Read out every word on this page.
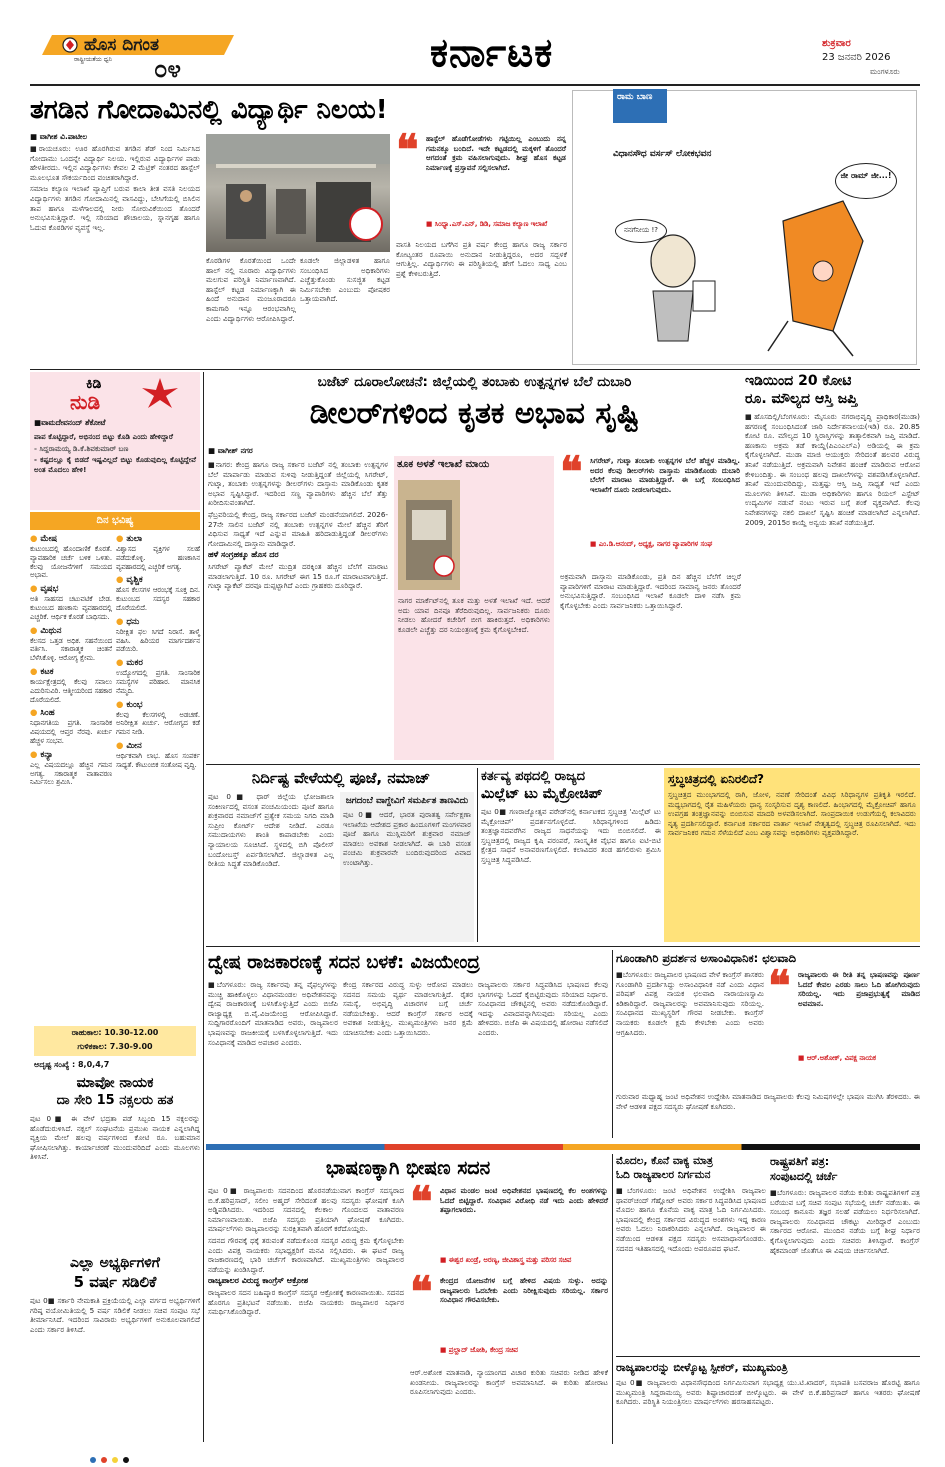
ಹೊಸ ದಿಗಂತ
ರಾಷ್ಟ್ರೀಯತೆಯ ಧ್ವನಿ ೦೪	ಕರ್ನಾಟಕ	ಶುಕ್ರವಾರ
23 ಜನವರಿ 2026
ಮಂಗಳೂರು
ತಗಡಿನ ಗೋದಾಮಿನಲ್ಲಿ ವಿದ್ಯಾರ್ಥಿ ನಿಲಯ!
■ ವಾಗೀಶ ವಿ.ಪಾಟೀಲ

■ರಾಯಚೂರು: ಊರ ಹೊರಗಿರುವ ತಗಡಿನ ಶೆಡ್ ನಿಂದ ನಿರ್ಮಿಸಿದ ಗೋದಾಮು ಒಂದನ್ನೇ ವಿದ್ಯಾರ್ಥಿ ನಿಲಯ. ಇಲ್ಲಿರುವ ವಿದ್ಯಾರ್ಥಿಗಳ ಪಾಡು ಹೇಳತೀರದು. ಇಲ್ಲಿನ ವಿದ್ಯಾರ್ಥಿಗಳು ಕೇವಲ 2 ಮೆಟ್ರಿಕ್ ನಂತರದ ಹಾಸ್ಟೆಲ್ ಮೂಲಭೂತ ಸೌಕರ್ಯದಿಂದ ವಂಚಿತರಾಗಿದ್ದಾರೆ.

ಸಮಾಜ ಕಲ್ಯಾಣ ಇಲಾಖೆ ವ್ಯಾಪ್ತಿಗೆ ಬರುವ ಕಾಲಾ ತೀತ ವಸತಿ ನಿಲಯದ ವಿದ್ಯಾರ್ಥಿಗಳು ತಗಡಿನ ಗೋದಾಮಿನಲ್ಲಿ ವಾಸವಿದ್ದು, ಬೇಸಿಗೆಯಲ್ಲಿ ಬಿಸಿಲಿನ ತಾಪ ಹಾಗೂ ಮಳೆಗಾಲದಲ್ಲಿ ನೀರು ಸೋರುವಿಕೆಯಿಂದ ತೊಂದರೆ ಅನುಭವಿಸುತ್ತಿದ್ದಾರೆ. ಇಲ್ಲಿ ಸರಿಯಾದ ಶೌಚಾಲಯ, ಸ್ನಾನಗೃಹ ಹಾಗೂ ಓದುವ ಕೊಠಡಿಗಳ ವ್ಯವಸ್ಥೆ ಇಲ್ಲ.

ಕೊಠಡಿಗಳ ಕೊರತೆಯಿಂದ ಒಂದೇ ಹಾಲ್ ನಲ್ಲಿ ನೂರಾರು ವಿದ್ಯಾರ್ಥಿಗಳು ಮಲಗುವ ಪರಿಸ್ಥಿತಿ ನಿರ್ಮಾಣವಾಗಿದೆ. ಹಾಸ್ಟೆಲ್ ಕಟ್ಟಡ ನಿರ್ಮಾಣಕ್ಕಾಗಿ ಈ ಹಿಂದೆ ಅನುದಾನ ಮಂಜೂರಾದರೂ ಕಾಮಗಾರಿ ಇನ್ನೂ ಆರಂಭವಾಗಿಲ್ಲ ಎಂದು ವಿದ್ಯಾರ್ಥಿಗಳು ಆರೋಪಿಸಿದ್ದಾರೆ.

ಕೂಡಲೇ ಜಿಲ್ಲಾಡಳಿತ ಹಾಗೂ ಸಂಬಂಧಿಸಿದ ಅಧಿಕಾರಿಗಳು ಎಚ್ಚೆತ್ತುಕೊಂಡು ಸುಸಜ್ಜಿತ ಕಟ್ಟಡ ನಿರ್ಮಿಸಬೇಕು ಎಂಬುದು ಪೋಷಕರ ಒತ್ತಾಯವಾಗಿದೆ.

❝ ಹಾಸ್ಟೆಲ್ ಹೊಡೆಗೋಡೆಗಳು ಗಟ್ಟಿಯಿಲ್ಲ ಎಂಬುದು ನನ್ನ ಗಮನಕ್ಕೂ ಬಂದಿದೆ. ಇದೇ ಕಟ್ಟಡದಲ್ಲಿ ಮಕ್ಕಳಿಗೆ ತೊಂದರೆ ಆಗದಂತೆ ಕ್ರಮ ವಹಿಸಲಾಗುವುದು. ಶೀಘ್ರ ಹೊಸ ಕಟ್ಟಡ ನಿರ್ಮಾಣಕ್ಕೆ ಪ್ರಸ್ತಾವನೆ ಸಲ್ಲಿಸಲಾಗಿದೆ.
■ ಸಿಂಧ್ಯಾ.ಎಸ್.ಎನ್, ಡಿಡಿ, ಸಮಾಜ ಕಲ್ಯಾಣ ಇಲಾಖೆ

ವಾಸತಿ ನಿಲಯದ ಬಗೆಗಿನ ಪ್ರತಿ ವರ್ಷ ಕೇಂದ್ರ ಹಾಗೂ ರಾಜ್ಯ ಸರ್ಕಾರ ಕೋಟ್ಯಂತರ ರೂಪಾಯಿ ಅನುದಾನ ನೀಡುತ್ತಿದ್ದರೂ, ಅದರ ಸದ್ಬಳಕೆ ಆಗುತ್ತಿಲ್ಲ. ವಿದ್ಯಾರ್ಥಿಗಳು ಈ ಪರಿಸ್ಥಿತಿಯಲ್ಲಿ ಹೇಗೆ ಓದಲು ಸಾಧ್ಯ ಎಂಬ ಪ್ರಶ್ನೆ ಕೇಳಿಬರುತ್ತಿದೆ.

ರಾಮ ಬಾಣ
ವಿಧಾನಸೌಧ ವರ್ಸಸ್ ಲೋಕಭವನ
ಜೀ ರಾಮ್ ಜೀ...!
ನನಗೆನೀಯ !?
ಕಿಡಿ
ನುಡಿ
■ವಾಮದೇವನಂದ್ ಶೆಕೋಟೆ

ಪಾಪ ಕೊಟ್ಟಿದ್ದಾರೆ, ಅಭಿನಂದ ಬಿಟ್ಟು ಕೊಡಿ ಎಂದು ಹೇಳಿದ್ದಾರೆ

- ಸಿದ್ದರಾಮಯ್ಯ ಡಿ.ಕೆ.ಶಿವಕುಮಾರ್ ಬಣ

- ಕಷ್ಟದಲ್ಲೂ ಕೈ ಬಿಡದೆ ಇಷ್ಟವಿಲ್ಲದೆ ಬಿಟ್ಟು ಕೊಡುವುದಿಲ್ಲ ಕೊಟ್ಟಿದ್ದೇವೆ ಅಂತ ಮೊದಲು ಹೇಳಿ!

ದಿನ ಭವಿಷ್ಯ
● ಮೇಷ
ಕುಟುಂಬದಲ್ಲಿ ಹೊಂದಾಣಿಕೆ ಕೊರತೆ. ವ್ಯಾವಹಾರಿಕ ಚರ್ಚೆ ಬಳಿಕ ಒಳಿತು. ಕೆಲವು ಯೋಜನೆಗಳಿಗೆ ಸಮಯದ ಅಭಾವ.
● ವೃಷಭ
ಅತಿ ಸಾಹಸದ ಚಟುವಟಿಕೆ ಬೇಡ. ಕುಟುಂಬದ ಹಣಕಾಸು ವ್ಯವಹಾರದಲ್ಲಿ ಎಚ್ಚರಿಕೆ. ಆರ್ಥಿಕ ಕೊರತೆ ಬಾಧಿಸದು.
● ಮಿಥುನ
ಕೆಲಸದ ಒತ್ತಡ ಅಧಿಕ. ಸಹನೆಯಿಂದ ವರ್ತಿಸಿ. ಸಕಾರಾತ್ಮಕ ಚಿಂತನೆ ಬೆಳೆಸಿಕೊಳ್ಳಿ. ಆರೋಗ್ಯ ಕ್ಷೇಮ.
● ಕಟಕ
ಕಾರ್ಯಕ್ಷೇತ್ರದಲ್ಲಿ ಕೆಲವು ಸವಾಲು ಎದುರಿಸುವಿರಿ. ಆತ್ಮೀಯರಿಂದ ಸಹಕಾರ ದೊರೆಯಲಿದೆ.
● ಸಿಂಹ
ನಿಧಾನಗತಿಯ ಪ್ರಗತಿ. ಸಾಂಸಾರಿಕ ವಿಷಯದಲ್ಲಿ ಆಪ್ತರ ನೆರವು. ಖರ್ಚು ಹೆಚ್ಚಳ ಸಂಭವ.
● ಕನ್ಯಾ
ಎಲ್ಲ ವಿಷಯದಲ್ಲೂ ಹೆಚ್ಚಿನ ಗಮನ ಅಗತ್ಯ. ಸಕಾರಾತ್ಮಕ ವಾತಾವರಣ ನಿರ್ಮಿಸಲು ಶ್ರಮಿಸಿ.
● ತುಲಾ
ವಿಶ್ವಾಸದ ವ್ಯಕ್ತಿಗಳ ಸಲಹೆ ಪಡೆದುಕೊಳ್ಳಿ. ಹಣಕಾಸಿನ ವ್ಯವಹಾರದಲ್ಲಿ ಎಚ್ಚರಿಕೆ ಅಗತ್ಯ.
● ವೃಶ್ಚಿಕ
ಹೊಸ ಕೆಲಸಗಳ ಆರಂಭಕ್ಕೆ ಸೂಕ್ತ ದಿನ. ಕುಟುಂಬದ ಸದಸ್ಯರ ಸಹಕಾರ ದೊರೆಯಲಿದೆ.
● ಧನು
ನಿರೀಕ್ಷಿತ ಫಲ ಸಿಗದೆ ನಿರಾಸೆ. ತಾಳ್ಮೆ ವಹಿಸಿ. ಹಿರಿಯರ ಮಾರ್ಗದರ್ಶನ ಪಡೆಯಿರಿ.
● ಮಕರ
ಉದ್ಯೋಗದಲ್ಲಿ ಪ್ರಗತಿ. ಸಾಂಸಾರಿಕ ಸಮಸ್ಯೆಗಳ ಪರಿಹಾರ. ಮಾನಸಿಕ ನೆಮ್ಮದಿ.
● ಕುಂಭ
ಕೆಲವು ಕೆಲಸಗಳಲ್ಲಿ ಅಡಚಣೆ. ಅನಿರೀಕ್ಷಿತ ಖರ್ಚು. ಆರೋಗ್ಯದ ಕಡೆ ಗಮನ ನೀಡಿ.
● ಮೀನ
ಆರ್ಥಿಕವಾಗಿ ಲಾಭ. ಹೊಸ ಸಂಪರ್ಕ ಸಾಧ್ಯತೆ. ಕೌಟುಂಬಿಕ ಸಂತೋಷ ವೃದ್ಧಿ.
ರಾಹುಕಾಲ: 10.30-12.00
ಗುಳಿಕಕಾಲ: 7.30-9.00
ಅದೃಷ್ಟ ಸಂಖ್ಯೆ : 8,0,4,7
ಮಾವೋ ನಾಯಕ
ದಾ ಸೇರಿ 15 ನಕ್ಸಲರು ಹತ
ಪುಟ 0■ ಈ ವೇಳೆ ಭದ್ರತಾ ಪಡೆ ಸಿಬ್ಬಂದಿ 15 ನಕ್ಸಲರನ್ನು ಹೊಡೆದುರುಳಿಸಿದೆ. ನಕ್ಸಲ್ ಸಂಘಟನೆಯ ಪ್ರಮುಖ ನಾಯಕ ಎನ್ನಲಾಗಿದ್ದ ವ್ಯಕ್ತಿಯ ಮೇಲೆ ಹಲವು ವರ್ಷಗಳಿಂದ ಕೋಟಿ ರೂ. ಬಹುಮಾನ ಘೋಷಿಸಲಾಗಿತ್ತು. ಕಾರ್ಯಾಚರಣೆ ಮುಂದುವರಿದಿದೆ ಎಂದು ಮೂಲಗಳು ತಿಳಿಸಿವೆ.
ಎಲ್ಲಾ ಅಭ್ಯರ್ಥಿಗಳಿಗೆ
5 ವರ್ಷ ಸಡಿಲಿಕೆ
ಪುಟ 0■ ಸರ್ಕಾರಿ ನೇಮಕಾತಿ ಪ್ರಕ್ರಿಯೆಯಲ್ಲಿ ಎಲ್ಲಾ ವರ್ಗದ ಅಭ್ಯರ್ಥಿಗಳಿಗೆ ಗರಿಷ್ಠ ವಯೋಮಿತಿಯಲ್ಲಿ 5 ವರ್ಷ ಸಡಿಲಿಕೆ ನೀಡಲು ಸಚಿವ ಸಂಪುಟ ಸಭೆ ತೀರ್ಮಾನಿಸಿದೆ. ಇದರಿಂದ ಸಾವಿರಾರು ಅಭ್ಯರ್ಥಿಗಳಿಗೆ ಅನುಕೂಲವಾಗಲಿದೆ ಎಂದು ಸರ್ಕಾರ ತಿಳಿಸಿದೆ.
ಬಜೆಟ್ ದೂರಾಲೋಚನೆ: ಜಿಲ್ಲೆಯಲ್ಲಿ ತಂಬಾಕು ಉತ್ಪನ್ನಗಳ ಬೆಲೆ ದುಬಾರಿ
ಡೀಲರ್‌ಗಳಿಂದ ಕೃತಕ ಅಭಾವ ಸೃಷ್ಟಿ
■ ವಾಗೀಶ್ ನಗರ

■ನಾಗರ: ಕೇಂದ್ರ ಹಾಗೂ ರಾಜ್ಯ ಸರ್ಕಾರ ಬಜೆಟ್ ನಲ್ಲಿ ತಂಬಾಕು ಉತ್ಪನ್ನಗಳ ಬೆಲೆ ಮಾರ್ಪಾಡು ಮಾಡುವ ಸುಳಿವು ನೀಡುತ್ತಿದ್ದಂತೆ ಜಿಲ್ಲೆಯಲ್ಲಿ ಸಿಗರೇಟ್, ಗುಟ್ಕಾ, ತಂಬಾಕು ಉತ್ಪನ್ನಗಳನ್ನು ಡೀಲರ್‌ಗಳು ದಾಸ್ತಾನು ಮಾಡಿಕೊಂಡು ಕೃತಕ ಅಭಾವ ಸೃಷ್ಟಿಸಿದ್ದಾರೆ. ಇದರಿಂದ ಸಣ್ಣ ವ್ಯಾಪಾರಿಗಳು ಹೆಚ್ಚಿನ ಬೆಲೆ ತೆತ್ತು ಖರೀದಿಸುವಂತಾಗಿದೆ.

ಫೆಬ್ರವರಿಯಲ್ಲಿ ಕೇಂದ್ರ, ರಾಜ್ಯ ಸರ್ಕಾರದ ಬಜೆಟ್ ಮಂಡನೆಯಾಗಲಿದೆ. 2026-27ನೇ ಸಾಲಿನ ಬಜೆಟ್ ನಲ್ಲಿ ತಂಬಾಕು ಉತ್ಪನ್ನಗಳ ಮೇಲೆ ಹೆಚ್ಚಿನ ತೆರಿಗೆ ವಿಧಿಸುವ ಸಾಧ್ಯತೆ ಇದೆ ಎನ್ನುವ ಮಾಹಿತಿ ಹರಿದಾಡುತ್ತಿದ್ದಂತೆ ಡೀಲರ್‌ಗಳು ಗೋದಾಮಿನಲ್ಲಿ ದಾಸ್ತಾನು ಮಾಡಿದ್ದಾರೆ.

ಹಳೆ ಸಂಗ್ರಹಕ್ಕೂ ಹೊಸ ದರ

ಸಿಗರೇಟ್ ಪ್ಯಾಕೆಟ್ ಮೇಲೆ ಮುದ್ರಿತ ದರಕ್ಕಿಂತ ಹೆಚ್ಚಿನ ಬೆಲೆಗೆ ಮಾರಾಟ ಮಾಡಲಾಗುತ್ತಿದೆ. 10 ರೂ. ಸಿಗರೇಟ್ ಈಗ 15 ರೂ.ಗೆ ಮಾರಾಟವಾಗುತ್ತಿದೆ. ಗುಟ್ಕಾ ಪ್ಯಾಕೆಟ್ ದರವೂ ದುಪ್ಪಟ್ಟಾಗಿದೆ ಎಂದು ಗ್ರಾಹಕರು ದೂರಿದ್ದಾರೆ.

ತೂಕ ಅಳತೆ ಇಲಾಖೆ ಮಾಯ
ನಾಗರ ಮಾರ್ಕೆಟ್‌ನಲ್ಲಿ ತೂಕ ಮತ್ತು ಅಳತೆ ಇಲಾಖೆ ಇದೆ. ಆದರೆ ಅದು ಯಾವ ದಿನವೂ ತೆರೆದಿರುವುದಿಲ್ಲ. ಸಾರ್ವಜನಿಕರು ದೂರು ನೀಡಲು ಹೋದರೆ ಕಚೇರಿಗೆ ಬೀಗ ಹಾಕಿರುತ್ತದೆ. ಅಧಿಕಾರಿಗಳು ಕೂಡಲೇ ಎಚ್ಚೆತ್ತು ದರ ನಿಯಂತ್ರಣಕ್ಕೆ ಕ್ರಮ ಕೈಗೊಳ್ಳಬೇಕಿದೆ.
❝ ಸಿಗರೇಟ್, ಗುಟ್ಕಾ ತಂಬಾಕು ಉತ್ಪನ್ನಗಳ ಬೆಲೆ ಹೆಚ್ಚಳ ಮಾಡಿಲ್ಲ. ಅದರ ಕೆಲವು ಡೀಲರ್‌ಗಳು ದಾಸ್ತಾನು ಮಾಡಿಕೊಂಡು ದುಬಾರಿ ಬೆಲೆಗೆ ಮಾರಾಟ ಮಾಡುತ್ತಿದ್ದಾರೆ. ಈ ಬಗ್ಗೆ ಸಂಬಂಧಿಸಿದ ಇಲಾಖೆಗೆ ದೂರು ನೀಡಲಾಗುವುದು.
■ ಎಂ.ಡಿ.ಆನಂದ್, ಅಧ್ಯಕ್ಷ, ನಾಗರ ವ್ಯಾಪಾರಿಗಳ ಸಂಘ

ಅಕ್ರಮವಾಗಿ ದಾಸ್ತಾನು ಮಾಡಿಕೊಂಡು, ಪ್ರತಿ ದಿನ ಹೆಚ್ಚಿನ ಬೆಲೆಗೆ ಚಿಲ್ಲರೆ ವ್ಯಾಪಾರಿಗಳಿಗೆ ಮಾರಾಟ ಮಾಡುತ್ತಿದ್ದಾರೆ. ಇದರಿಂದ ಸಾಮಾನ್ಯ ಜನರು ತೊಂದರೆ ಅನುಭವಿಸುತ್ತಿದ್ದಾರೆ. ಸಂಬಂಧಿಸಿದ ಇಲಾಖೆ ಕೂಡಲೇ ದಾಳಿ ನಡೆಸಿ ಕ್ರಮ ಕೈಗೊಳ್ಳಬೇಕು ಎಂದು ಸಾರ್ವಜನಿಕರು ಒತ್ತಾಯಿಸಿದ್ದಾರೆ.

ಇಡಿಯಿಂದ 20 ಕೋಟಿ
ರೂ. ಮೌಲ್ಯದ ಆಸ್ತಿ ಜಪ್ತಿ
■ಹೊಸದಿಲ್ಲಿ/ಬೆಂಗಳೂರು: ಮೈಸೂರು ನಗರಾಭಿವೃದ್ಧಿ ಪ್ರಾಧಿಕಾರ(ಮುಡಾ) ಹಗರಣಕ್ಕೆ ಸಂಬಂಧಿಸಿದಂತೆ ಜಾರಿ ನಿರ್ದೇಶನಾಲಯ(ಇಡಿ) ರೂ. 20.85 ಕೋಟಿ ರೂ. ಮೌಲ್ಯದ 10 ಸ್ಥಿರಾಸ್ತಿಗಳನ್ನು ತಾತ್ಕಾಲಿಕವಾಗಿ ಜಪ್ತಿ ಮಾಡಿದೆ. ಹಣಕಾಸು ಅಕ್ರಮ ತಡೆ ಕಾಯ್ದೆ(ಪಿಎಂಎಲ್‌ಎ) ಅಡಿಯಲ್ಲಿ ಈ ಕ್ರಮ ಕೈಗೊಳ್ಳಲಾಗಿದೆ. ಮುಡಾ ಮಾಜಿ ಆಯುಕ್ತರು ಸೇರಿದಂತೆ ಹಲವರ ವಿರುದ್ಧ ತನಿಖೆ ನಡೆಯುತ್ತಿದೆ. ಅಕ್ರಮವಾಗಿ ನಿವೇಶನ ಹಂಚಿಕೆ ಮಾಡಿರುವ ಆರೋಪ ಕೇಳಿಬಂದಿತ್ತು. ಈ ಸಂಬಂಧ ಹಲವು ದಾಖಲೆಗಳನ್ನು ವಶಪಡಿಸಿಕೊಳ್ಳಲಾಗಿದೆ. ತನಿಖೆ ಮುಂದುವರಿದಿದ್ದು, ಮತ್ತಷ್ಟು ಆಸ್ತಿ ಜಪ್ತಿ ಸಾಧ್ಯತೆ ಇದೆ ಎಂದು ಮೂಲಗಳು ತಿಳಿಸಿವೆ. ಮುಡಾ ಅಧಿಕಾರಿಗಳು ಹಾಗೂ ರಿಯಲ್ ಎಸ್ಟೇಟ್ ಉದ್ಯಮಿಗಳ ನಡುವೆ ನಂಟು ಇರುವ ಬಗ್ಗೆ ಶಂಕೆ ವ್ಯಕ್ತವಾಗಿದೆ. ಕೆಲವು ನಿವೇಶನಗಳನ್ನು ನಕಲಿ ದಾಖಲೆ ಸೃಷ್ಟಿಸಿ ಹಂಚಿಕೆ ಮಾಡಲಾಗಿದೆ ಎನ್ನಲಾಗಿದೆ. 2009, 2015ರ ಕಾಯ್ದೆ ಅನ್ವಯ ತನಿಖೆ ನಡೆಯುತ್ತಿದೆ.
ನಿರ್ದಿಷ್ಟ ವೇಳೆಯಲ್ಲಿ ಪೂಜೆ, ನಮಾಜ್
ಪುಟ 0■ ಧಾರ್ ಜಿಲ್ಲೆಯ ಭೋಜಶಾಲಾ ಸಂಕೀರ್ಣದಲ್ಲಿ ವಸಂತ ಪಂಚಮಿಯಂದು ಪೂಜೆ ಹಾಗೂ ಶುಕ್ರವಾರದ ನಮಾಜ್‌ಗೆ ಪ್ರತ್ಯೇಕ ಸಮಯ ನಿಗದಿ ಮಾಡಿ ಸುಪ್ರೀಂ ಕೋರ್ಟ್ ಆದೇಶ ನೀಡಿದೆ. ಎರಡೂ ಸಮುದಾಯಗಳು ಶಾಂತಿ ಕಾಪಾಡಬೇಕು ಎಂದು ನ್ಯಾಯಾಲಯ ಸೂಚಿಸಿದೆ. ಸ್ಥಳದಲ್ಲಿ ಬಿಗಿ ಪೊಲೀಸ್ ಬಂದೋಬಸ್ತ್ ಏರ್ಪಡಿಸಲಾಗಿದೆ. ಜಿಲ್ಲಾಡಳಿತ ಎಲ್ಲ ರೀತಿಯ ಸಿದ್ಧತೆ ಮಾಡಿಕೊಂಡಿದೆ.
ಜಗದಂಬೆ ವಾಗ್ದೇವಿಗೆ ಸಮರ್ಪಿತ ತಾಣವಿದು
ಪುಟ 0■ ಆದರೆ, ಭಾರತ ಪುರಾತತ್ವ ಸರ್ವೇಕ್ಷಣಾ ಇಲಾಖೆಯ ಆದೇಶದ ಪ್ರಕಾರ ಹಿಂದೂಗಳಿಗೆ ಮಂಗಳವಾರ ಪೂಜೆ ಹಾಗೂ ಮುಸ್ಲಿಮರಿಗೆ ಶುಕ್ರವಾರ ನಮಾಜ್ ಮಾಡಲು ಅವಕಾಶ ನೀಡಲಾಗಿದೆ. ಈ ಬಾರಿ ವಸಂತ ಪಂಚಮಿ ಶುಕ್ರವಾರವೇ ಬಂದಿರುವುದರಿಂದ ವಿವಾದ ಉಂಟಾಗಿತ್ತು.
ಕರ್ತವ್ಯ ಪಥದಲ್ಲಿ ರಾಜ್ಯದ
ಮಿಲ್ಲೆಟ್ ಟು ಮೈಕ್ರೋಚಿಪ್
ಪುಟ 0■ ಗಣರಾಜ್ಯೋತ್ಸವ ಪರೇಡ್‌ನಲ್ಲಿ ಕರ್ನಾಟಕದ ಸ್ತಬ್ಧಚಿತ್ರ 'ಮಿಲ್ಲೆಟ್ ಟು ಮೈಕ್ರೋಚಿಪ್' ಪ್ರದರ್ಶನಗೊಳ್ಳಲಿದೆ. ಸಿರಿಧಾನ್ಯಗಳಿಂದ ಹಿಡಿದು ತಂತ್ರಜ್ಞಾನದವರೆಗಿನ ರಾಜ್ಯದ ಸಾಧನೆಯನ್ನು ಇದು ಬಿಂಬಿಸಲಿದೆ. ಈ ಸ್ತಬ್ಧಚಿತ್ರದಲ್ಲಿ ರಾಜ್ಯದ ಕೃಷಿ ಪರಂಪರೆ, ಸಾಂಸ್ಕೃತಿಕ ವೈಭವ ಹಾಗೂ ಐಟಿ-ಬಿಟಿ ಕ್ಷೇತ್ರದ ಸಾಧನೆ ಅನಾವರಣಗೊಳ್ಳಲಿದೆ. ಕಲಾವಿದರ ತಂಡ ಹಗಲಿರುಳು ಶ್ರಮಿಸಿ ಸ್ತಬ್ಧಚಿತ್ರ ಸಿದ್ಧಪಡಿಸಿದೆ.
ಸ್ತಬ್ಧಚಿತ್ರದಲ್ಲಿ ಏನಿರಲಿದೆ?
ಸ್ತಬ್ಧಚಿತ್ರದ ಮುಂಭಾಗದಲ್ಲಿ ರಾಗಿ, ಜೋಳ, ನವಣೆ ಸೇರಿದಂತೆ ವಿವಿಧ ಸಿರಿಧಾನ್ಯಗಳ ಪ್ರತಿಕೃತಿ ಇರಲಿದೆ. ಮಧ್ಯಭಾಗದಲ್ಲಿ ರೈತ ಮಹಿಳೆಯರು ಧಾನ್ಯ ಸಂಸ್ಕರಿಸುವ ದೃಶ್ಯ ಕಾಣಲಿದೆ. ಹಿಂಭಾಗದಲ್ಲಿ ಮೈಕ್ರೋಚಿಪ್ ಹಾಗೂ ಉಪಗ್ರಹ ತಂತ್ರಜ್ಞಾನವನ್ನು ಬಿಂಬಿಸುವ ಮಾದರಿ ಅಳವಡಿಸಲಾಗಿದೆ. ಸಾಂಪ್ರದಾಯಿಕ ಉಡುಗೆಯಲ್ಲಿ ಕಲಾವಿದರು ನೃತ್ಯ ಪ್ರದರ್ಶಿಸಲಿದ್ದಾರೆ. ಕರ್ನಾಟಕ ಸರ್ಕಾರದ ವಾರ್ತಾ ಇಲಾಖೆ ನೇತೃತ್ವದಲ್ಲಿ ಸ್ತಬ್ಧಚಿತ್ರ ರೂಪಿಸಲಾಗಿದೆ. ಇದು ಸಾರ್ವಜನಿಕರ ಗಮನ ಸೆಳೆಯಲಿದೆ ಎಂಬ ವಿಶ್ವಾಸವನ್ನು ಅಧಿಕಾರಿಗಳು ವ್ಯಕ್ತಪಡಿಸಿದ್ದಾರೆ.
ದ್ವೇಷ ರಾಜಕಾರಣಕ್ಕೆ ಸದನ ಬಳಕೆ: ವಿಜಯೇಂದ್ರ
■ಬೆಂಗಳೂರು: ರಾಜ್ಯ ಸರ್ಕಾರವು ತನ್ನ ವೈಫಲ್ಯಗಳನ್ನು ಮುಚ್ಚಿ ಹಾಕಿಕೊಳ್ಳಲು ವಿಧಾನಮಂಡಲ ಅಧಿವೇಶನವನ್ನು ದ್ವೇಷ ರಾಜಕಾರಣಕ್ಕೆ ಬಳಸಿಕೊಳ್ಳುತ್ತಿದೆ ಎಂದು ಬಿಜೆಪಿ ರಾಜ್ಯಾಧ್ಯಕ್ಷ ಬಿ.ವೈ.ವಿಜಯೇಂದ್ರ ಆರೋಪಿಸಿದ್ದಾರೆ. ಸುದ್ದಿಗಾರರೊಂದಿಗೆ ಮಾತನಾಡಿದ ಅವರು, ರಾಜ್ಯಪಾಲರ ಭಾಷಣವನ್ನು ರಾಜಕೀಯಕ್ಕೆ ಬಳಸಿಕೊಳ್ಳಲಾಗುತ್ತಿದೆ. ಇದು ಸಂವಿಧಾನಕ್ಕೆ ಮಾಡಿದ ಅಪಚಾರ ಎಂದರು.
ಕೇಂದ್ರ ಸರ್ಕಾರದ ವಿರುದ್ಧ ಸುಳ್ಳು ಆರೋಪ ಮಾಡಲು ಸದನದ ಸಮಯ ವ್ಯರ್ಥ ಮಾಡಲಾಗುತ್ತಿದೆ. ರೈತರ ಸಮಸ್ಯೆ, ಅಭಿವೃದ್ಧಿ ವಿಚಾರಗಳ ಬಗ್ಗೆ ಚರ್ಚೆ ನಡೆಯಬೇಕಿತ್ತು. ಆದರೆ ಕಾಂಗ್ರೆಸ್ ಸರ್ಕಾರ ಅದಕ್ಕೆ ಅವಕಾಶ ನೀಡುತ್ತಿಲ್ಲ. ಮುಖ್ಯಮಂತ್ರಿಗಳು ಜನರ ಕ್ಷಮೆ ಯಾಚಿಸಬೇಕು ಎಂದು ಒತ್ತಾಯಿಸಿದರು.
ರಾಜ್ಯಪಾಲರು ಸರ್ಕಾರ ಸಿದ್ಧಪಡಿಸಿದ ಭಾಷಣದ ಕೆಲವು ಭಾಗಗಳನ್ನು ಓದದೆ ಕೈಬಿಟ್ಟಿರುವುದು ಸರಿಯಾದ ನಿರ್ಧಾರ. ಸಂವಿಧಾನದ ಚೌಕಟ್ಟಿನಲ್ಲಿ ಅವರು ನಡೆದುಕೊಂಡಿದ್ದಾರೆ. ಇದನ್ನು ವಿವಾದವನ್ನಾಗಿಸುವುದು ಸರಿಯಲ್ಲ ಎಂದು ಹೇಳಿದರು. ಬಿಜೆಪಿ ಈ ವಿಷಯದಲ್ಲಿ ಹೋರಾಟ ನಡೆಸಲಿದೆ ಎಂದರು.
ಗೂಂಡಾಗಿರಿ ಪ್ರದರ್ಶನ ಅಸಾಂವಿಧಾನಿಕ: ಛಲವಾದಿ
■ಬೆಂಗಳೂರು: ರಾಜ್ಯಪಾಲರ ಭಾಷಣದ ವೇಳೆ ಕಾಂಗ್ರೆಸ್ ಶಾಸಕರು ಗೂಂಡಾಗಿರಿ ಪ್ರದರ್ಶಿಸಿದ್ದು ಅಸಾಂವಿಧಾನಿಕ ನಡೆ ಎಂದು ವಿಧಾನ ಪರಿಷತ್ ವಿಪಕ್ಷ ನಾಯಕ ಛಲವಾದಿ ನಾರಾಯಣಸ್ವಾಮಿ ಕಿಡಿಕಾರಿದ್ದಾರೆ. ರಾಜ್ಯಪಾಲರನ್ನು ಅವಮಾನಿಸುವುದು ಸರಿಯಲ್ಲ. ಸಂವಿಧಾನದ ಮುಖ್ಯಸ್ಥರಿಗೆ ಗೌರವ ನೀಡಬೇಕು. ಕಾಂಗ್ರೆಸ್ ನಾಯಕರು ಕೂಡಲೇ ಕ್ಷಮೆ ಕೇಳಬೇಕು ಎಂದು ಅವರು ಆಗ್ರಹಿಸಿದರು.
❝ ರಾಜ್ಯಪಾಲರು ಈ ರೀತಿ ತನ್ನ ಭಾಷಣವನ್ನು ಪೂರ್ಣ ಓದದೆ ಕೇವಲ ಎರಡು ಸಾಲು ಓದಿ ಹೋಗಿರುವುದು ಸರಿಯಲ್ಲ. ಇದು ಪ್ರಜಾಪ್ರಭುತ್ವಕ್ಕೆ ಮಾಡಿದ ಅವಮಾನ.
■ ಆರ್.ಅಶೋಕ್, ವಿಪಕ್ಷ ನಾಯಕ
ಗುರುವಾರ ಮಧ್ಯಾಹ್ನ ಜಂಟಿ ಅಧಿವೇಶನ ಉದ್ದೇಶಿಸಿ ಮಾತನಾಡಿದ ರಾಜ್ಯಪಾಲರು ಕೆಲವು ನಿಮಿಷಗಳಲ್ಲೇ ಭಾಷಣ ಮುಗಿಸಿ ತೆರಳಿದರು. ಈ ವೇಳೆ ಆಡಳಿತ ಪಕ್ಷದ ಸದಸ್ಯರು ಘೋಷಣೆ ಕೂಗಿದರು.
ಭಾಷಣಕ್ಕಾಗಿ ಭೀಷಣ ಸದನ

ಪುಟ 0■ ರಾಜ್ಯಪಾಲರು ಸದನದಿಂದ ಹೊರನಡೆಯುವಾಗ ಕಾಂಗ್ರೆಸ್ ಸದಸ್ಯರಾದ ಬಿ.ಕೆ.ಹರಿಪ್ರಸಾದ್, ಸಲೀಂ ಅಹ್ಮದ್ ಸೇರಿದಂತೆ ಹಲವು ಸದಸ್ಯರು ಘೋಷಣೆ ಕೂಗಿ ಅಡ್ಡಿಪಡಿಸಿದರು. ಇದರಿಂದ ಸದನದಲ್ಲಿ ಕೆಲಕಾಲ ಗೊಂದಲದ ವಾತಾವರಣ ನಿರ್ಮಾಣವಾಯಿತು. ಬಿಜೆಪಿ ಸದಸ್ಯರು ಪ್ರತಿಯಾಗಿ ಘೋಷಣೆ ಕೂಗಿದರು. ಮಾರ್ಷಲ್‌ಗಳು ರಾಜ್ಯಪಾಲರನ್ನು ಸುರಕ್ಷಿತವಾಗಿ ಹೊರಗೆ ಕರೆದೊಯ್ದರು.

ಸದನದ ಗೌರವಕ್ಕೆ ಧಕ್ಕೆ ತರುವಂತೆ ನಡೆದುಕೊಂಡ ಸದಸ್ಯರ ವಿರುದ್ಧ ಕ್ರಮ ಕೈಗೊಳ್ಳಬೇಕು ಎಂದು ವಿಪಕ್ಷ ನಾಯಕರು ಸಭಾಧ್ಯಕ್ಷರಿಗೆ ಮನವಿ ಸಲ್ಲಿಸಿದರು. ಈ ಘಟನೆ ರಾಜ್ಯ ರಾಜಕಾರಣದಲ್ಲಿ ಭಾರಿ ಚರ್ಚೆಗೆ ಕಾರಣವಾಗಿದೆ. ಮುಖ್ಯಮಂತ್ರಿಗಳು ರಾಜ್ಯಪಾಲರ ನಡೆಯನ್ನು ಖಂಡಿಸಿದ್ದಾರೆ.

ರಾಜ್ಯಪಾಲರ ವಿರುದ್ಧ ಕಾಂಗ್ರೆಸ್ ಆಕ್ರೋಶ

ರಾಜ್ಯಪಾಲರ ಸದನ ಬಹಿಷ್ಕಾರ ಕಾಂಗ್ರೆಸ್ ಸದಸ್ಯರ ಆಕ್ರೋಶಕ್ಕೆ ಕಾರಣವಾಯಿತು. ಸದನದ ಹೊರಗೂ ಪ್ರತಿಭಟನೆ ನಡೆಯಿತು. ಬಿಜೆಪಿ ನಾಯಕರು ರಾಜ್ಯಪಾಲರ ನಿರ್ಧಾರ ಸಮರ್ಥಿಸಿಕೊಂಡಿದ್ದಾರೆ.

❝ ವಿಧಾನ ಮಂಡಲ ಜಂಟಿ ಅಧಿವೇಶನದ ಭಾಷಣದಲ್ಲಿ ಕೆಲ ಅಂಶಗಳನ್ನು ಓದದೆ ಬಿಟ್ಟಿದ್ದಾರೆ. ಸಂವಿಧಾನ ವಿರೋಧಿ ನಡೆ ಇದು ಎಂದು ಹೇಳಿದರೆ ತಪ್ಪಾಗಲಾರದು.
■ ಈಶ್ವರ ಖಂಡ್ರೆ, ಅರಣ್ಯ, ಜೀವಿಶಾಸ್ತ್ರ ಮತ್ತು ಪರಿಸರ ಸಚಿವ
❝ ಕೇಂದ್ರದ ಯೋಜನೆಗಳ ಬಗ್ಗೆ ಹೇಳಿದ ವಿಷಯ ಸುಳ್ಳು. ಅದನ್ನು ರಾಜ್ಯಪಾಲರು ಓದಬೇಕು ಎಂದು ನಿರೀಕ್ಷಿಸುವುದು ಸರಿಯಲ್ಲ. ಸರ್ಕಾರ ಸಂವಿಧಾನ ಗೌರವಿಸಬೇಕು.
■ ಪ್ರಲ್ಹಾದ್ ಜೋಶಿ, ಕೇಂದ್ರ ಸಚಿವ
ಆರ್.ಅಶೋಕ ಮಾತನಾಡಿ, ನ್ಯಾಯಾಂಗದ ವಿಚಾರ ಕುರಿತು ಸಚಿವರು ನೀಡಿದ ಹೇಳಿಕೆ ಖಂಡನೀಯ. ರಾಜ್ಯಪಾಲರನ್ನು ಕಾಂಗ್ರೆಸ್ ಅವಮಾನಿಸಿದೆ. ಈ ಕುರಿತು ಹೋರಾಟ ರೂಪಿಸಲಾಗುವುದು ಎಂದರು.
ಮೊದಲ, ಕೊನೆ ವಾಕ್ಯ ಮಾತ್ರ
ಓದಿ ರಾಜ್ಯಪಾಲರ ನಿರ್ಗಮನ
■ಬೆಂಗಳೂರು: ಜಂಟಿ ಅಧಿವೇಶನ ಉದ್ದೇಶಿಸಿ ರಾಜ್ಯಪಾಲ ಥಾವರ್‌ಚಂದ್ ಗೆಹ್ಲೋಟ್ ಅವರು ಸರ್ಕಾರ ಸಿದ್ಧಪಡಿಸಿದ ಭಾಷಣದ ಮೊದಲ ಹಾಗೂ ಕೊನೆಯ ವಾಕ್ಯ ಮಾತ್ರ ಓದಿ ನಿರ್ಗಮಿಸಿದರು. ಭಾಷಣದಲ್ಲಿ ಕೇಂದ್ರ ಸರ್ಕಾರದ ವಿರುದ್ಧದ ಅಂಶಗಳು ಇದ್ದ ಕಾರಣ ಅವರು ಓದಲು ನಿರಾಕರಿಸಿದರು ಎನ್ನಲಾಗಿದೆ. ರಾಜ್ಯಪಾಲರ ಈ ನಡೆಯಿಂದ ಆಡಳಿತ ಪಕ್ಷದ ಸದಸ್ಯರು ಅಸಮಾಧಾನಗೊಂಡರು. ಸದನದ ಇತಿಹಾಸದಲ್ಲಿ ಇದೊಂದು ಅಪರೂಪದ ಘಟನೆ.
ರಾಷ್ಟ್ರಪತಿಗೆ ಪತ್ರ:
ಸಂಪುಟದಲ್ಲಿ ಚರ್ಚೆ
■ಬೆಂಗಳೂರು: ರಾಜ್ಯಪಾಲರ ನಡೆಯ ಕುರಿತು ರಾಷ್ಟ್ರಪತಿಗಳಿಗೆ ಪತ್ರ ಬರೆಯುವ ಬಗ್ಗೆ ಸಚಿವ ಸಂಪುಟ ಸಭೆಯಲ್ಲಿ ಚರ್ಚೆ ನಡೆಯಿತು. ಈ ಸಂಬಂಧ ಕಾನೂನು ತಜ್ಞರ ಸಲಹೆ ಪಡೆಯಲು ನಿರ್ಧರಿಸಲಾಗಿದೆ. ರಾಜ್ಯಪಾಲರು ಸಂವಿಧಾನದ ಚೌಕಟ್ಟು ಮೀರಿದ್ದಾರೆ ಎಂಬುದು ಸರ್ಕಾರದ ಆರೋಪ. ಮುಂದಿನ ನಡೆಯ ಬಗ್ಗೆ ಶೀಘ್ರ ನಿರ್ಧಾರ ಕೈಗೊಳ್ಳಲಾಗುವುದು ಎಂದು ಸಚಿವರು ತಿಳಿಸಿದ್ದಾರೆ. ಕಾಂಗ್ರೆಸ್ ಹೈಕಮಾಂಡ್ ಜೊತೆಗೂ ಈ ವಿಷಯ ಚರ್ಚಿಸಲಾಗಿದೆ.
ರಾಜ್ಯಪಾಲರನ್ನು ಬೀಳ್ಕೊಟ್ಟ ಸ್ಪೀಕರ್, ಮುಖ್ಯಮಂತ್ರಿ
ಪುಟ 0■ ರಾಜ್ಯಪಾಲರು ವಿಧಾನಸೌಧದಿಂದ ನಿರ್ಗಮಿಸುವಾಗ ಸಭಾಧ್ಯಕ್ಷ ಯು.ಟಿ.ಖಾದರ್, ಸಭಾಪತಿ ಬಸವರಾಜ ಹೊರಟ್ಟಿ ಹಾಗೂ ಮುಖ್ಯಮಂತ್ರಿ ಸಿದ್ದರಾಮಯ್ಯ ಅವರು ಶಿಷ್ಟಾಚಾರದಂತೆ ಬೀಳ್ಕೊಟ್ಟರು. ಈ ವೇಳೆ ಬಿ.ಕೆ.ಹರಿಪ್ರಸಾದ್ ಹಾಗೂ ಇತರರು ಘೋಷಣೆ ಕೂಗಿದರು. ಪರಿಸ್ಥಿತಿ ನಿಯಂತ್ರಿಸಲು ಮಾರ್ಷಲ್‌ಗಳು ಹರಸಾಹಸಪಟ್ಟರು.
